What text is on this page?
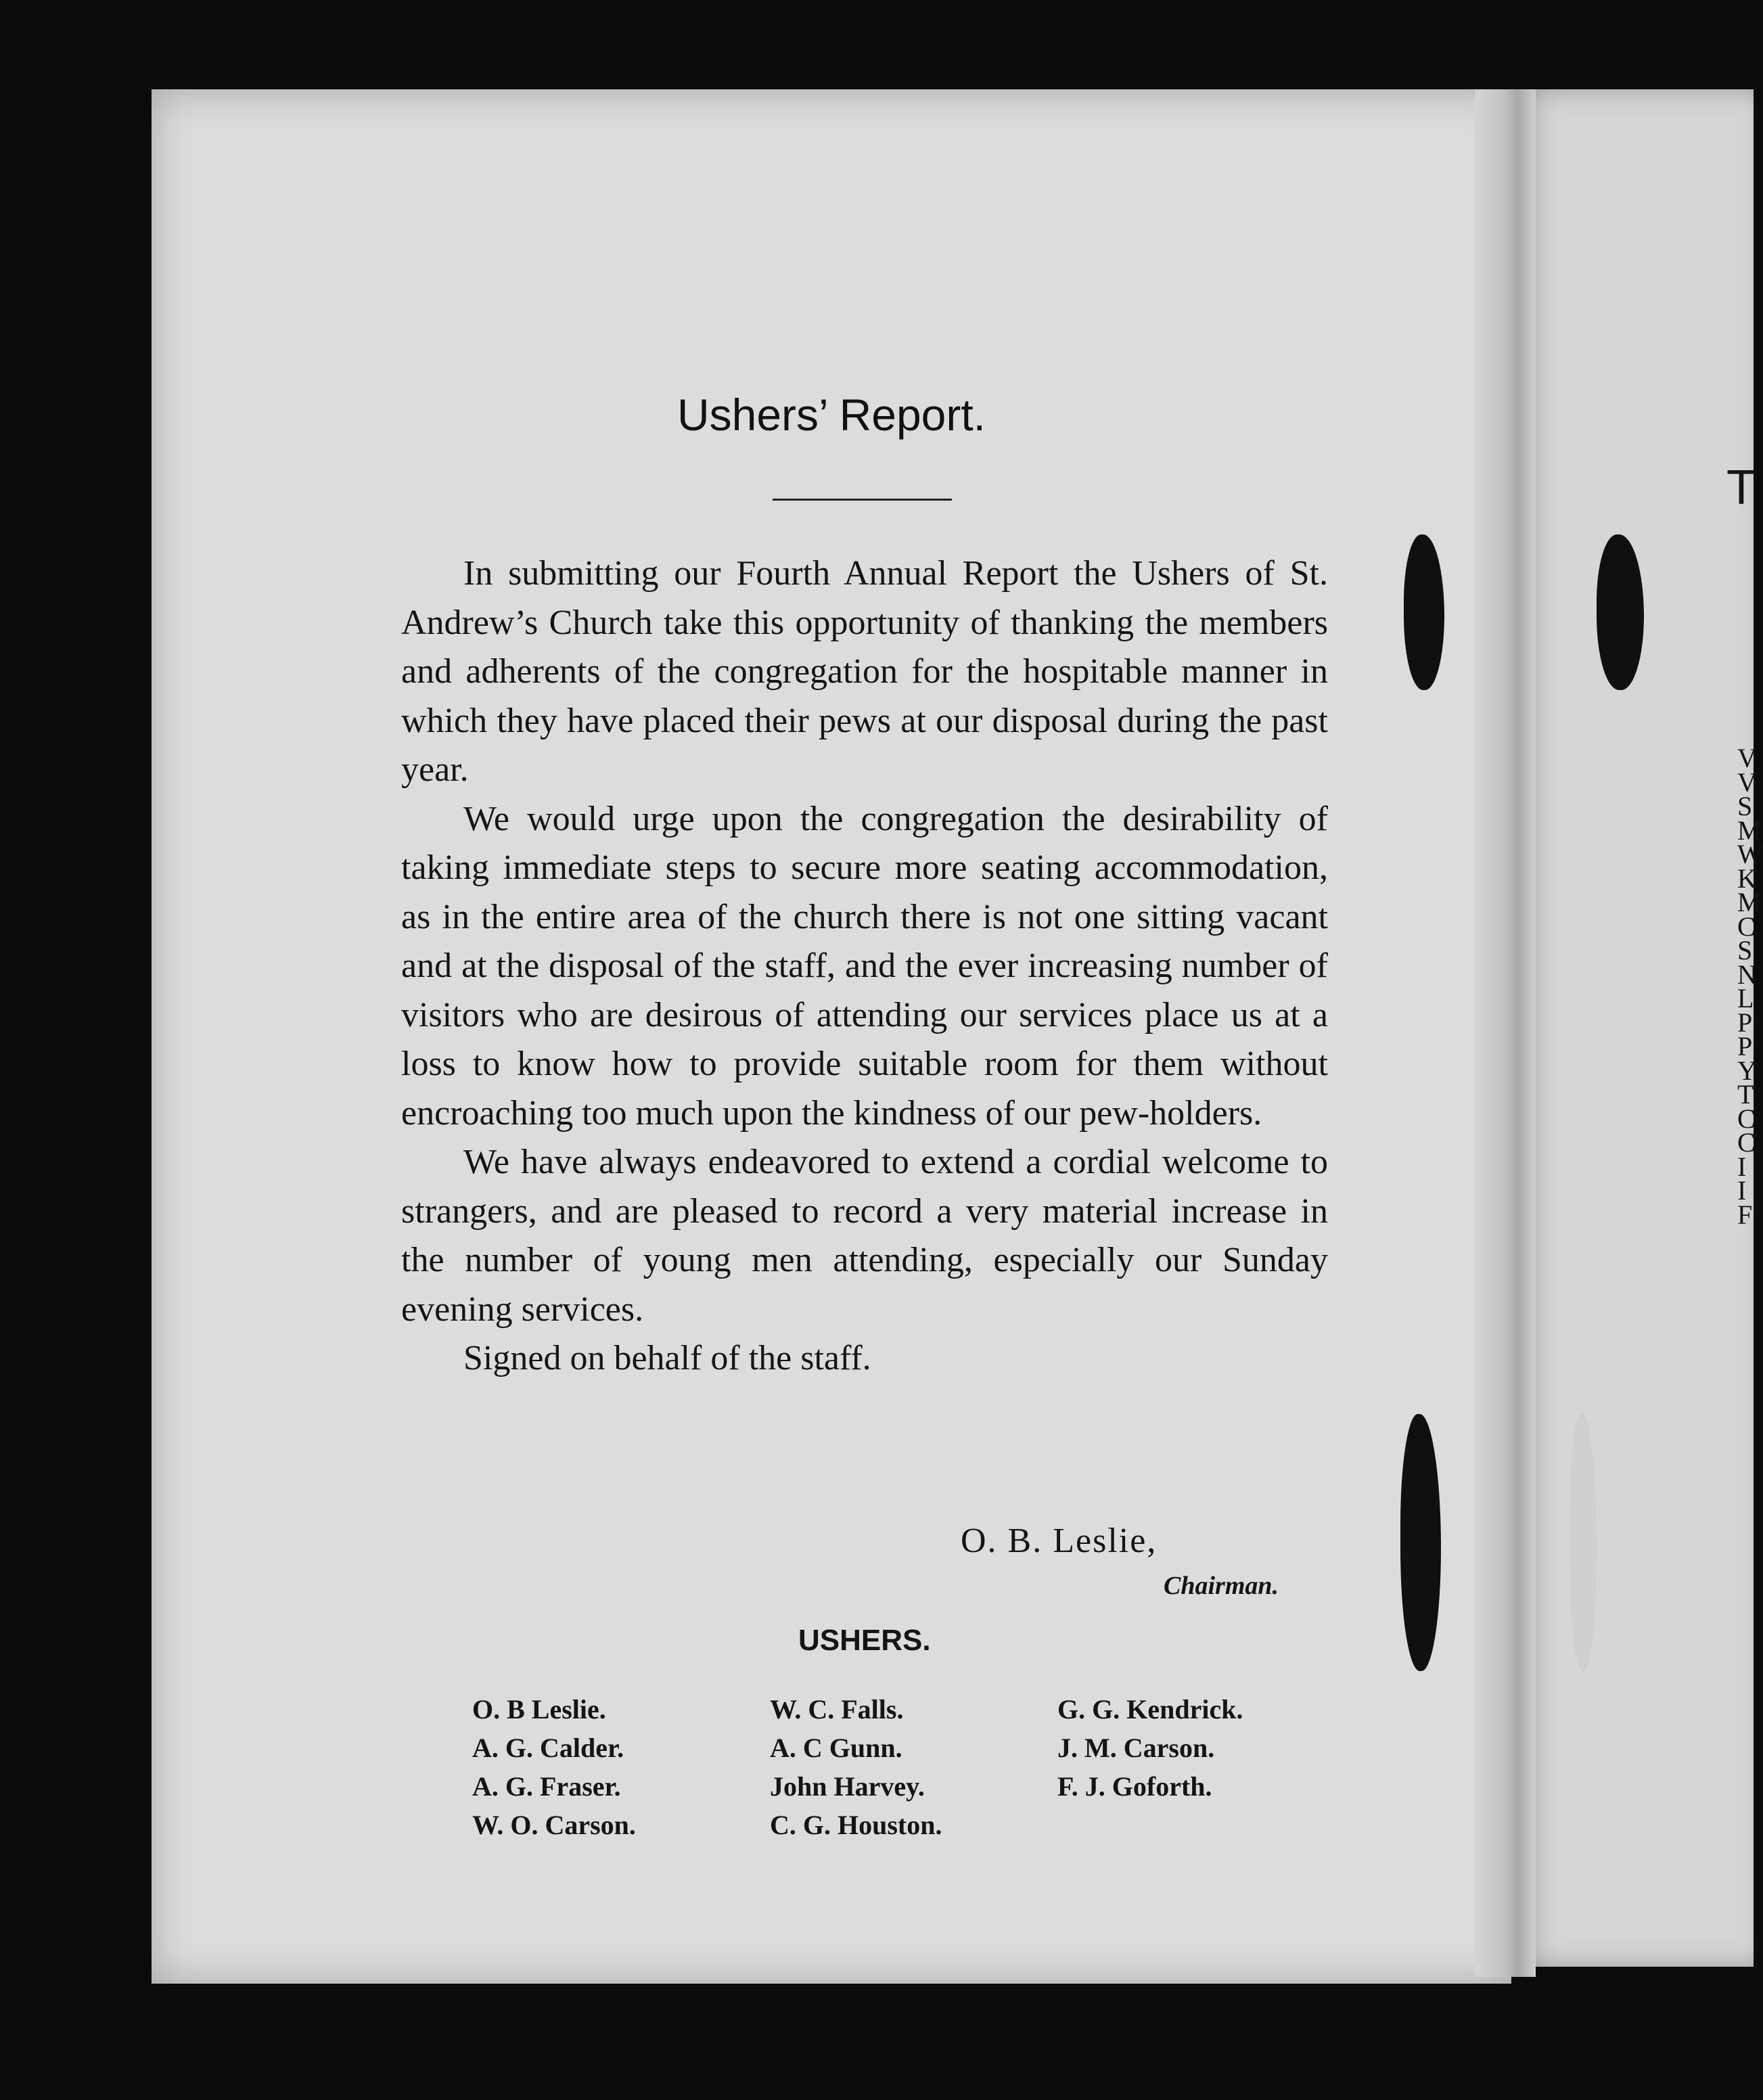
Ushers’ Report.

In submitting our Fourth Annual Report the Ushers of St. Andrew’s Church take this opportunity of thanking the members and adherents of the congregation for the hospitable manner in which they have placed their pews at our disposal during the past year.

We would urge upon the congregation the desirability of taking immediate steps to secure more seating accommodation, as in the entire area of the church there is not one sitting vacant and at the disposal of the staff, and the ever increasing number of visitors who are desirous of attending our services place us at a loss to know how to provide suitable room for them without encroaching too much upon the kindness of our pew-holders.

We have always endeavored to extend a cordial welcome to strangers, and are pleased to record a very material increase in the number of young men attending, especially our Sunday evening services.

Signed on behalf of the staff.

O. B. Leslie,
Chairman.
USHERS.
O. B Leslie.
A. G. Calder.
A. G. Fraser.
W. O. Carson.
W. C. Falls.
A. C Gunn.
John Harvey.
C. G. Houston.
G. G. Kendrick.
J. M. Carson.
F. J. Goforth.
T
V
V
S
M
W
K
M
C
S
N
L
P
P
Y
T
C
C
I
I
F
